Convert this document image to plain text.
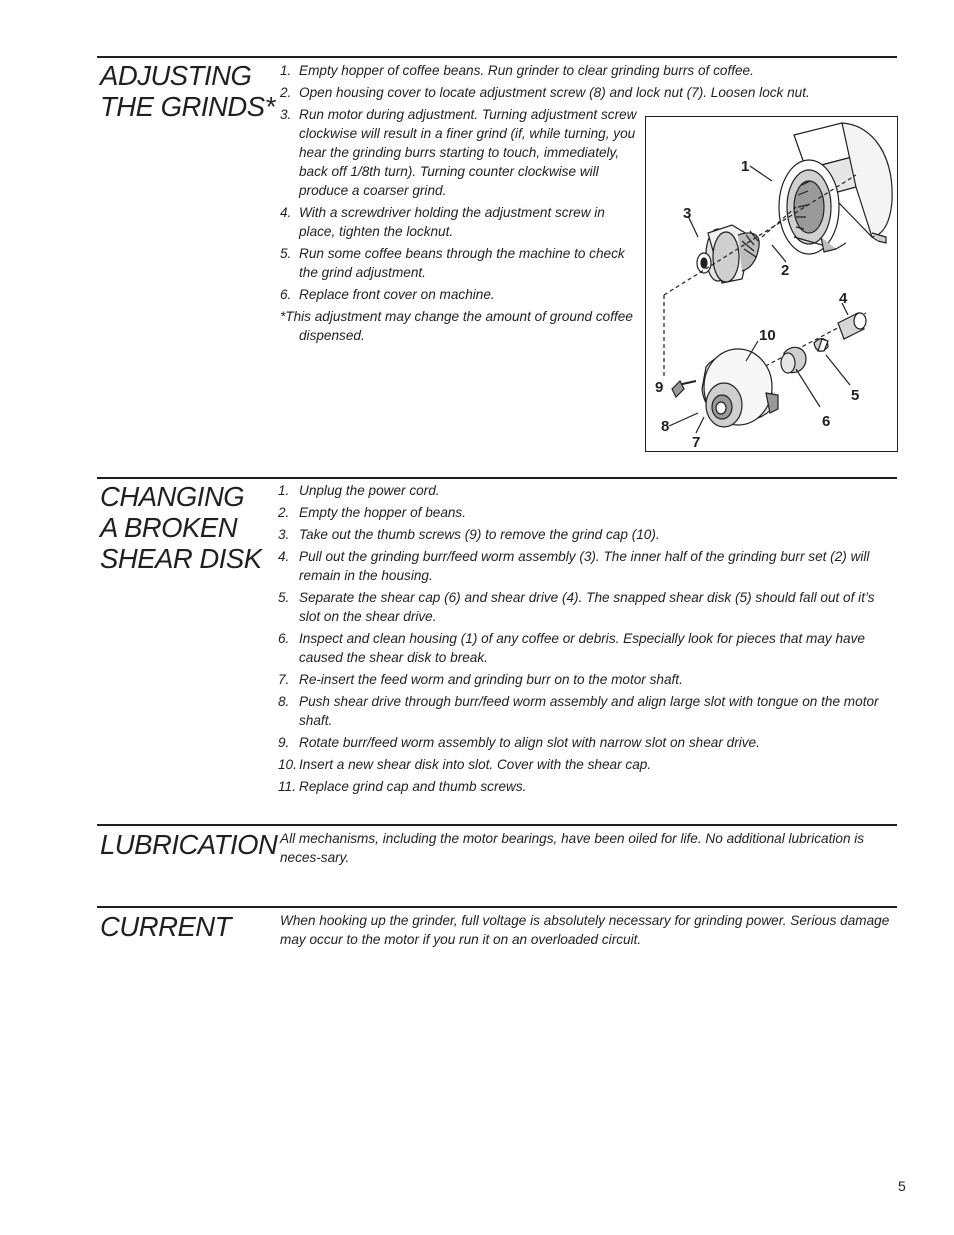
ADJUSTING
THE GRINDS*
1. Empty hopper of coffee beans. Run grinder to clear grinding burrs of coffee.
2. Open housing cover to locate adjustment screw (8) and lock nut (7). Loosen lock nut.
3. Run motor during adjustment. Turning adjustment screw clockwise will result in a finer grind (if, while turning, you hear the grinding burrs starting to touch, immediately, back off 1/8th turn). Turning counter clockwise will produce a coarser grind.
4. With a screwdriver holding the adjustment screw in place, tighten the locknut.
5. Run some coffee beans through the machine to check the grind adjustment.
6. Replace front cover on machine.

*This adjustment may change the amount of ground coffee dispensed.

1
2
3
4
5
6
7
8
9
10
CHANGING
A BROKEN
SHEAR DISK
1. Unplug the power cord.
2. Empty the hopper of beans.
3. Take out the thumb screws (9) to remove the grind cap (10).
4. Pull out the grinding burr/feed worm assembly (3). The inner half of the grinding burr set (2) will remain in the housing.
5. Separate the shear cap (6) and shear drive (4). The snapped shear disk (5) should fall out of it’s slot on the shear drive.
6. Inspect and clean housing (1) of any coffee or debris. Especially look for pieces that may have caused the shear disk to break.
7. Re-insert the feed worm and grinding burr on to the motor shaft.
8. Push shear drive through burr/feed worm assembly and align large slot with tongue on the motor shaft.
9. Rotate burr/feed worm assembly to align slot with narrow slot on shear drive.
10. Insert a new shear disk into slot. Cover with the shear cap.
11. Replace grind cap and thumb screws.
LUBRICATION All mechanisms, including the motor bearings, have been oiled for life. No additional lubrication is neces-sary.

CURRENT	When hooking up the grinder, full voltage is absolutely necessary for grinding power. Serious damage may occur to the motor if you run it on an overloaded circuit.

5
